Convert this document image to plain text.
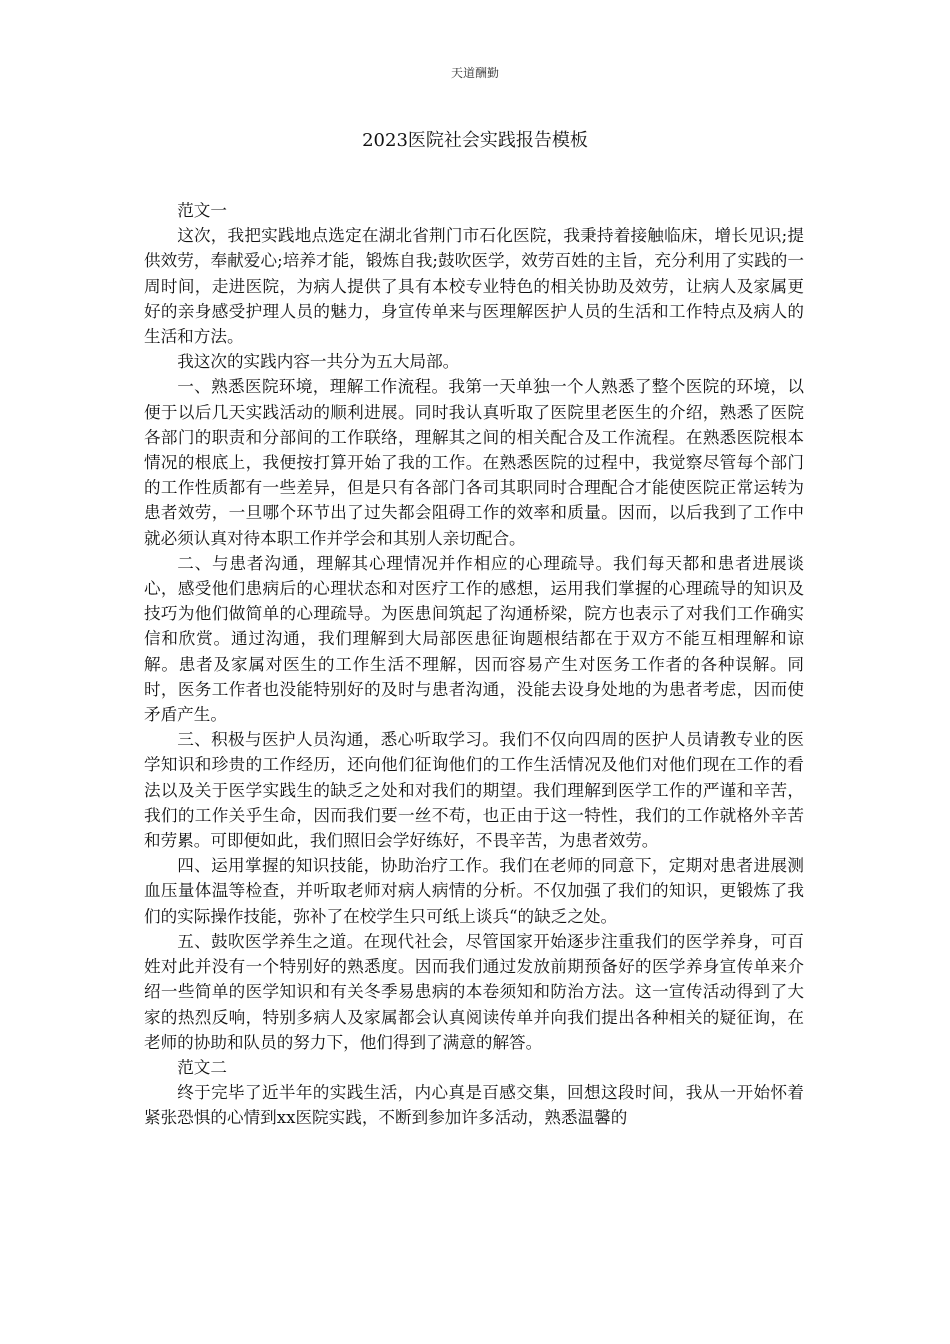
天道酬勤
2023医院社会实践报告模板

范文一

这次，我把实践地点选定在湖北省荆门市石化医院，我秉持着接触临床，增长见识;提供效劳，奉献爱心;培养才能，锻炼自我;鼓吹医学，效劳百姓的主旨，充分利用了实践的一周时间，走进医院，为病人提供了具有本校专业特色的相关协助及效劳，让病人及家属更好的亲身感受护理人员的魅力，身宣传单来与医理解医护人员的生活和工作特点及病人的生活和方法。

我这次的实践内容一共分为五大局部。

一、熟悉医院环境，理解工作流程。我第一天单独一个人熟悉了整个医院的环境，以便于以后几天实践活动的顺利进展。同时我认真听取了医院里老医生的介绍，熟悉了医院各部门的职责和分部间的工作联络，理解其之间的相关配合及工作流程。在熟悉医院根本情况的根底上，我便按打算开始了我的工作。在熟悉医院的过程中，我觉察尽管每个部门的工作性质都有一些差异，但是只有各部门各司其职同时合理配合才能使医院正常运转为患者效劳，一旦哪个环节出了过失都会阻碍工作的效率和质量。因而，以后我到了工作中就必须认真对待本职工作并学会和其别人亲切配合。

二、与患者沟通，理解其心理情况并作相应的心理疏导。我们每天都和患者进展谈心，感受他们患病后的心理状态和对医疗工作的感想，运用我们掌握的心理疏导的知识及技巧为他们做简单的心理疏导。为医患间筑起了沟通桥梁，院方也表示了对我们工作确实信和欣赏。通过沟通，我们理解到大局部医患征询题根结都在于双方不能互相理解和谅解。患者及家属对医生的工作生活不理解，因而容易产生对医务工作者的各种误解。同时，医务工作者也没能特别好的及时与患者沟通，没能去设身处地的为患者考虑，因而使矛盾产生。

三、积极与医护人员沟通，悉心听取学习。我们不仅向四周的医护人员请教专业的医学知识和珍贵的工作经历，还向他们征询他们的工作生活情况及他们对他们现在工作的看法以及关于医学实践生的缺乏之处和对我们的期望。我们理解到医学工作的严谨和辛苦，我们的工作关乎生命，因而我们要一丝不苟，也正由于这一特性，我们的工作就格外辛苦和劳累。可即便如此，我们照旧会学好练好，不畏辛苦，为患者效劳。

四、运用掌握的知识技能，协助治疗工作。我们在老师的同意下，定期对患者进展测血压量体温等检查，并听取老师对病人病情的分析。不仅加强了我们的知识，更锻炼了我们的实际操作技能，弥补了在校学生只可纸上谈兵“的缺乏之处。

五、鼓吹医学养生之道。在现代社会，尽管国家开始逐步注重我们的医学养身，可百姓对此并没有一个特别好的熟悉度。因而我们通过发放前期预备好的医学养身宣传单来介绍一些简单的医学知识和有关冬季易患病的本卷须知和防治方法。这一宣传活动得到了大家的热烈反响，特别多病人及家属都会认真阅读传单并向我们提出各种相关的疑征询，在老师的协助和队员的努力下，他们得到了满意的解答。

范文二

终于完毕了近半年的实践生活，内心真是百感交集，回想这段时间，我从一开始怀着紧张恐惧的心情到xx医院实践，不断到参加许多活动，熟悉温馨的
